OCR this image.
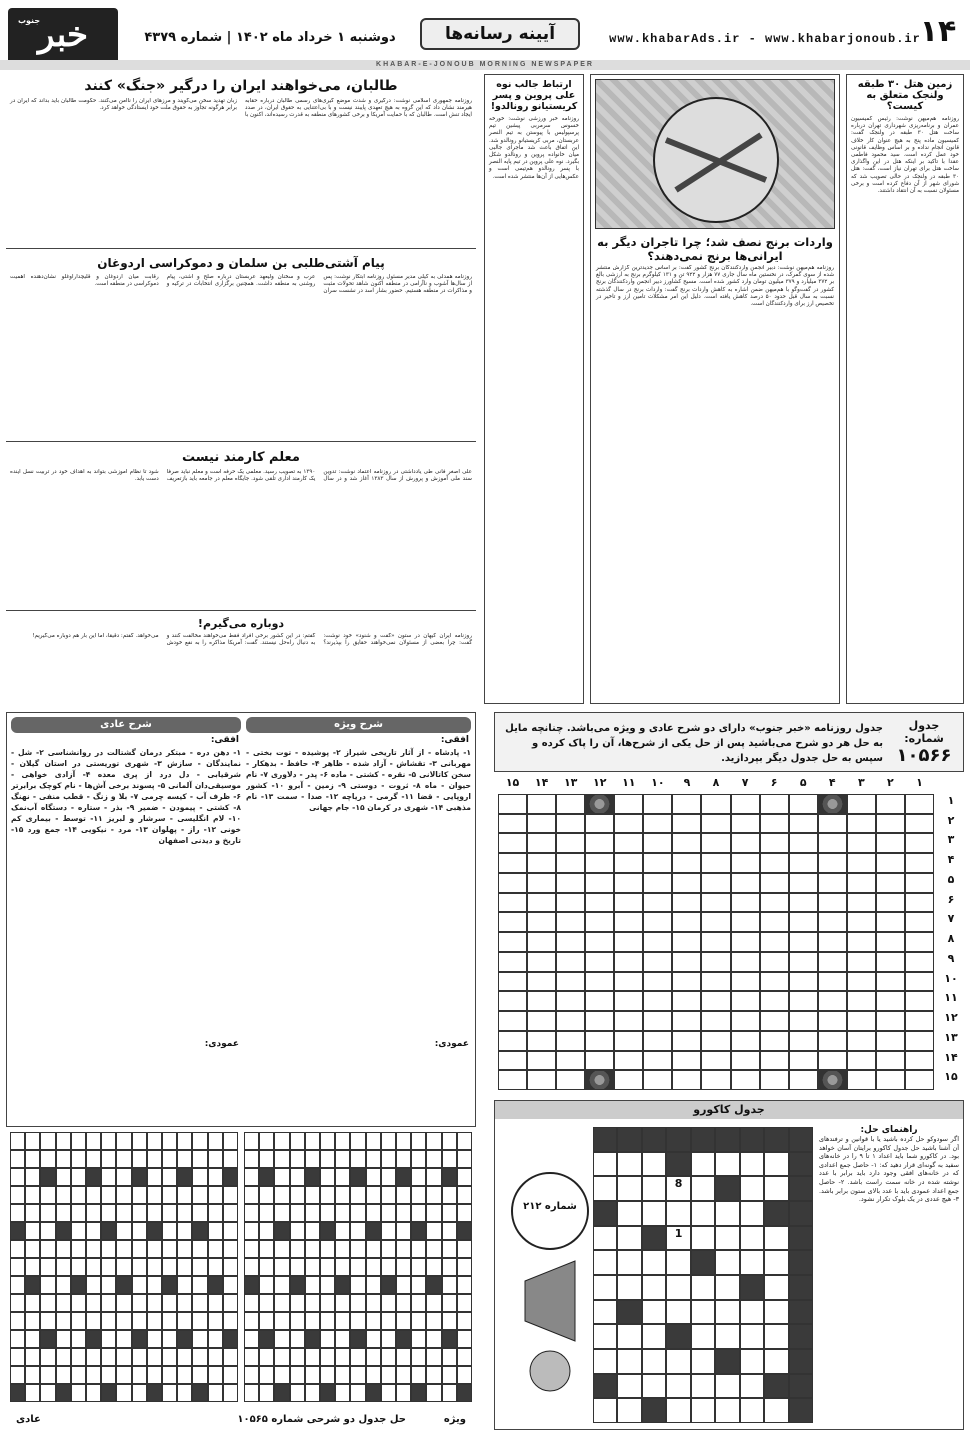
۱۴
www.khabarAds.ir - www.khabarjonoub.ir
آیینه رسانه‌ها
دوشنبه ۱ خرداد ماه ۱۴۰۲ | شماره ۴۳۷۹
خبر
جنوب
KHABAR-E-JONOUB MORNING NEWSPAPER
زمین هتل ۳۰ طبقه ولنجک متعلق به کیست؟

روزنامه هم‌میهن نوشت: رئیس کمیسیون عمران و برنامه‌ریزی شهرداری تهران درباره ساخت هتل ۳۰ طبقه در ولنجک گفت: کمیسیون ماده پنج به هیچ عنوان کار خلاف قانون انجام نداده و بر اساس وظایف قانونی خود عمل کرده است. سید محمود فاطمی عقدا با تاکید بر اینکه هتل در این واگذاری ساخت هتل برای تهران نیاز است، گفت: هتل ۳۰ طبقه در ولنجک در حالی تصویب شد که شورای شهر از آن دفاع کرده است و برخی مسئولان نسبت به آن انتقاد داشتند.

واردات برنج نصف شد؛ چرا تاجران دیگر به ایرانی‌ها برنج نمی‌دهند؟

روزنامه هم‌میهن نوشت: دبیر انجمن واردکنندگان برنج کشور گفت: بر اساس جدیدترین گزارش منتشر شده از سوی گمرک، در نخستین ماه سال جاری ۷۷ هزار و ۹۲۲ تن و ۱۳۱ کیلوگرم برنج به ارزشی بالغ بر ۳۷۲ میلیارد و ۳۷۹ میلیون تومان وارد کشور شده است. مسیح کشاورز دبیر انجمن واردکنندگان برنج کشور در گفت‌وگو با هم‌میهن ضمن اشاره به کاهش واردات برنج گفت: واردات برنج در سال گذشته نسبت به سال قبل حدود ۵۰ درصد کاهش یافته است. دلیل این امر مشکلات تامین ارز و تاخیر در تخصیص ارز برای واردکنندگان است.

ارتباط جالب نوه علی پروین و پسر کریستیانو رونالدو!

روزنامه خبر ورزشی نوشت: خورخه خسوس سرمربی پیشین تیم پرسپولیس با پیوستن به تیم النصر عربستان، مربی کریستیانو رونالدو شد. این اتفاق باعث شد ماجرای جالبی میان خانواده پروین و رونالدو شکل بگیرد. نوه علی پروین در تیم پایه النصر با پسر رونالدو هم‌تیمی است و عکس‌هایی از آن‌ها منتشر شده است.

طالبان، می‌خواهند ایران را درگیر «جنگ» کنند

روزنامه جمهوری اسلامی نوشت: درگیری و شدت موضع گیری‌های رسمی طالبان درباره حقابه هیرمند نشان داد که این گروه به هیچ تعهدی پایبند نیست و با بی‌اعتنایی به حقوق ایران، در صدد ایجاد تنش است. طالبان که با حمایت آمریکا و برخی کشورهای منطقه به قدرت رسیده‌اند، اکنون با زبان تهدید سخن می‌گویند و مرزهای ایران را ناامن می‌کنند. حکومت طالبان باید بداند که ایران در برابر هرگونه تجاوز به حقوق ملت خود ایستادگی خواهد کرد.

پیام آشتی‌طلبی بن سلمان و دموکراسی اردوغان

روزنامه همدلی به کیلی مدیر مسئول روزنامه ابتکار نوشت: پس از سال‌ها آشوب و ناآرامی در منطقه اکنون شاهد تحولات مثبت و مذاکرات در منطقه هستیم. حضور بشار اسد در نشست سران عرب و سخنان ولیعهد عربستان درباره صلح و آشتی، پیام روشنی به منطقه داشت. همچنین برگزاری انتخابات در ترکیه و رقابت میان اردوغان و قلیچداراوغلو نشان‌دهنده اهمیت دموکراسی در منطقه است.

معلم کارمند نیست

علی اصغر فانی طی یادداشتی در روزنامه اعتماد نوشت: تدوین سند ملی آموزش و پرورش از سال ۱۳۸۳ آغاز شد و در سال ۱۳۹۰ به تصویب رسید. معلمی یک حرفه است و معلم نباید صرفاً یک کارمند اداری تلقی شود. جایگاه معلم در جامعه باید بازتعریف شود تا نظام آموزشی بتواند به اهداف خود در تربیت نسل آینده دست یابد.

دوباره می‌گیرم!

روزنامه ایران کیهان در ستون «گفت و شنود» خود نوشت: گفت: چرا بعضی از مسئولان نمی‌خواهند حقایق را بپذیرند؟ گفتم: در این کشور برخی افراد فقط می‌خواهند مخالفت کنند و به دنبال راه‌حل نیستند. گفت: آمریکا مذاکره را به نفع خودش می‌خواهد. گفتم: دقیقاً، اما این بار هم دوباره می‌گیریم!

جدول شماره:
۱۰۵۶۶

جدول روزنامه «خبر جنوب» دارای دو شرح عادی و ویژه می‌باشد. چنانچه مایل به حل هر دو شرح می‌باشید پس از حل یکی از شرح‌ها، آن را پاک کرده و سپس به حل جدول دیگر بپردازید.

۱
۲
۳
۴
۵
۶
۷
۸
۹
۱۰
۱۱
۱۲
۱۳
۱۴
۱۵
۱
۲
۳
۴
۵
۶
۷
۸
۹
۱۰
۱۱
۱۲
۱۳
۱۴
۱۵
جدول کاکورو
راهنمای حل:

اگر سودوکو حل کرده باشید یا با قوانین و ترفندهای آن آشنا باشید حل جدول کاکورو برایتان آسان خواهد بود. در کاکورو شما باید اعداد ۱ تا ۹ را در خانه‌های سفید به گونه‌ای قرار دهید که: ۱- حاصل جمع اعدادی که در خانه‌های افقی وجود دارد باید برابر با عدد نوشته شده در خانه سمت راست باشد. ۲- حاصل جمع اعداد عمودی باید با عدد بالای ستون برابر باشد. ۳- هیچ عددی در یک بلوک تکرار نشود.

8
1
شماره ۲۱۲
شرح ویژه
افقی:

۱- پادشاه - از آثار تاریخی شیراز ۲- پوشیده - توت بختی - مهربانی ۳- تقشاش - آزاد شده - ظاهر ۴- حافظ - بدهکار - سخن کاتالانی ۵- نقره - کشتی - ماده ۶- پدر - دلاوری ۷- نام حیوان - ماه ۸- ثروت - دوستی ۹- زمین - آبرو ۱۰- کشور اروپایی - قضا ۱۱- گرمی - دریاچه ۱۲- صدا - سمت ۱۳- نام مذهبی ۱۴- شهری در کرمان ۱۵- جام جهانی

عمودی:
شرح عادی
افقی:

۱- دهن دره - مبتکر درمان گشتالت در روانشناسی ۲- شل - نمایندگان - سازش ۳- شهری توریستی در استان گیلان - شرقیابی - دل درد از پری معده ۴- آزادی خواهی - موسیقی‌دان آلمانی ۵- پسوند برخی آش‌ها - نام کوچک برابرتر ۶- ظرف آب - کیسه چرمی ۷- بلا و زنگ - قطب منفی - نهنگ ۸- کشتی - پیمودن - ضمیر ۹- بذر - ستاره - دستگاه آب‌نمک ۱۰- لام انگلیسی - سرشار و لبریز ۱۱- توسط - بیماری کم خونی ۱۲- راز - پهلوان ۱۳- مرد - نیکویی ۱۴- جمع ورد ۱۵- تاریخ و دیدنی اصفهان

عمودی:
حل جدول دو شرحی شماره ۱۰۵۶۵	ویژه
عادی
